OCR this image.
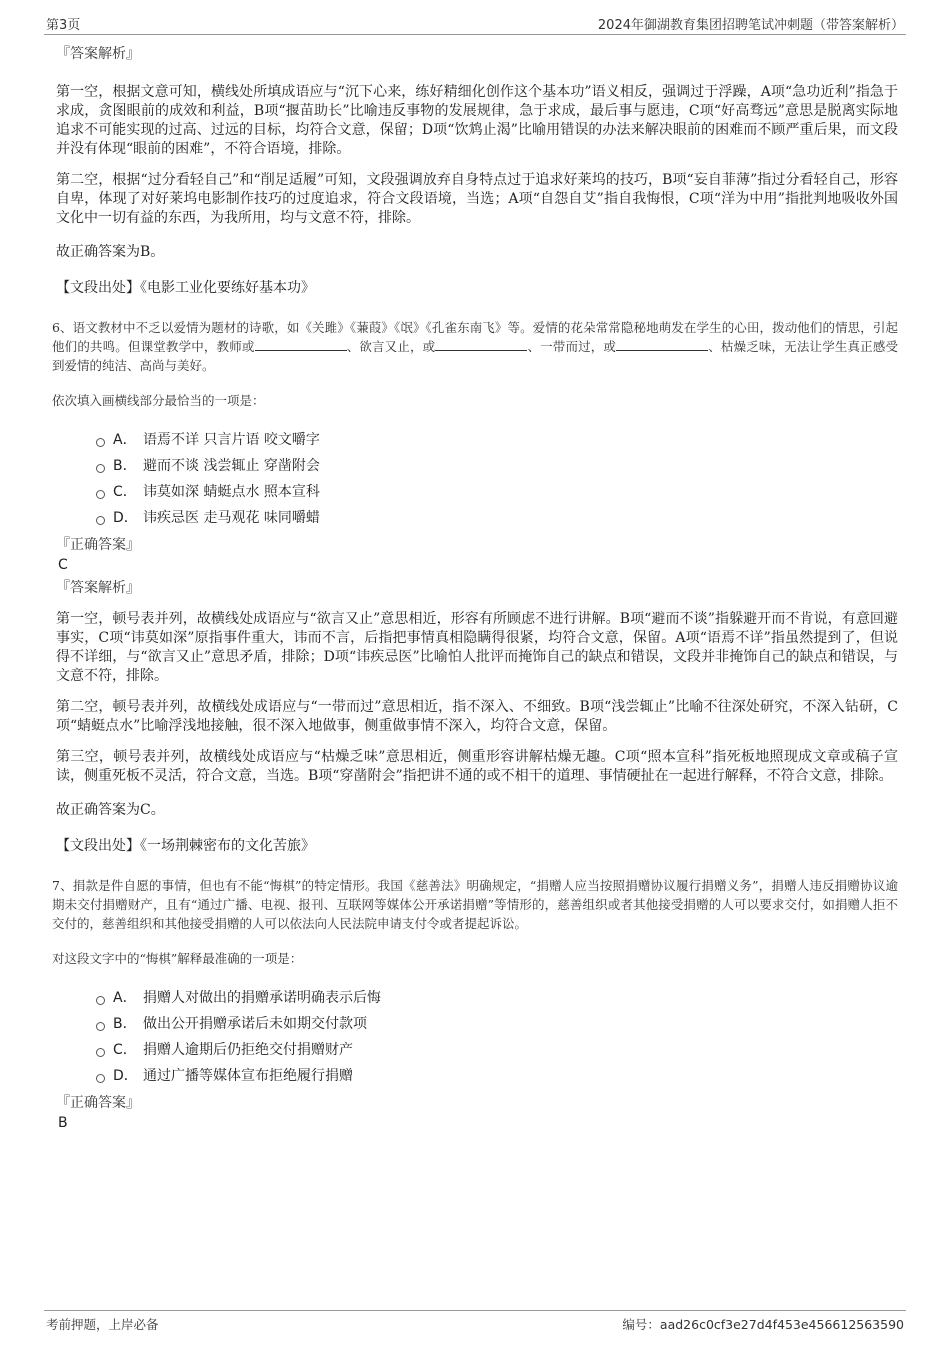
第3页	2024年御湖教育集团招聘笔试冲刺题（带答案解析）
『答案解析』

第一空，根据文意可知，横线处所填成语应与“沉下心来，练好精细化创作这个基本功”语义相反，强调过于浮躁，A项“急功近利”指急于求成，贪图眼前的成效和利益，B项“揠苗助长”比喻违反事物的发展规律，急于求成，最后事与愿违，C项“好高骛远”意思是脱离实际地追求不可能实现的过高、过远的目标，均符合文意，保留；D项“饮鸩止渴”比喻用错误的办法来解决眼前的困难而不顾严重后果，而文段并没有体现“眼前的困难”，不符合语境，排除。

第二空，根据“过分看轻自己”和“削足适履”可知，文段强调放弃自身特点过于追求好莱坞的技巧，B项“妄自菲薄”指过分看轻自己，形容自卑，体现了对好莱坞电影制作技巧的过度追求，符合文段语境，当选；A项“自怨自艾”指自我悔恨，C项“洋为中用”指批判地吸收外国文化中一切有益的东西，为我所用，均与文意不符，排除。

故正确答案为B。

【文段出处】《电影工业化要练好基本功》

6、语文教材中不乏以爱情为题材的诗歌，如《关雎》《蒹葭》《氓》《孔雀东南飞》等。爱情的花朵常常隐秘地萌发在学生的心田，拨动他们的情思，引起他们的共鸣。但课堂教学中，教师或	、欲言又止，或	、一带而过，或	、枯燥乏味，无法让学生真正感受到爱情的纯洁、高尚与美好。

依次填入画横线部分最恰当的一项是：

A． 语焉不详 只言片语 咬文嚼字
B． 避而不谈 浅尝辄止 穿凿附会
C． 讳莫如深 蜻蜓点水 照本宣科
D． 讳疾忌医 走马观花 味同嚼蜡
『正确答案』
C
『答案解析』

第一空，顿号表并列，故横线处成语应与“欲言又止”意思相近，形容有所顾虑不进行讲解。B项“避而不谈”指躲避开而不肯说，有意回避事实，C项“讳莫如深”原指事件重大，讳而不言，后指把事情真相隐瞒得很紧，均符合文意，保留。A项“语焉不详”指虽然提到了，但说得不详细，与“欲言又止”意思矛盾，排除；D项“讳疾忌医”比喻怕人批评而掩饰自己的缺点和错误，文段并非掩饰自己的缺点和错误，与文意不符，排除。

第二空，顿号表并列，故横线处成语应与“一带而过”意思相近，指不深入、不细致。B项“浅尝辄止”比喻不往深处研究，不深入钻研，C项“蜻蜓点水”比喻浮浅地接触，很不深入地做事，侧重做事情不深入，均符合文意，保留。

第三空，顿号表并列，故横线处成语应与“枯燥乏味”意思相近，侧重形容讲解枯燥无趣。C项“照本宣科”指死板地照现成文章或稿子宣读，侧重死板不灵活，符合文意，当选。B项“穿凿附会”指把讲不通的或不相干的道理、事情硬扯在一起进行解释，不符合文意，排除。

故正确答案为C。

【文段出处】《一场荆棘密布的文化苦旅》

7、捐款是件自愿的事情，但也有不能“悔棋”的特定情形。我国《慈善法》明确规定，“捐赠人应当按照捐赠协议履行捐赠义务”，捐赠人违反捐赠协议逾期未交付捐赠财产，且有“通过广播、电视、报刊、互联网等媒体公开承诺捐赠”等情形的，慈善组织或者其他接受捐赠的人可以要求交付，如捐赠人拒不交付的，慈善组织和其他接受捐赠的人可以依法向人民法院申请支付令或者提起诉讼。

对这段文字中的“悔棋”解释最准确的一项是：

A． 捐赠人对做出的捐赠承诺明确表示后悔
B． 做出公开捐赠承诺后未如期交付款项
C． 捐赠人逾期后仍拒绝交付捐赠财产
D． 通过广播等媒体宣布拒绝履行捐赠
『正确答案』
B
考前押题，上岸必备	编号：aad26c0cf3e27d4f453e456612563590
